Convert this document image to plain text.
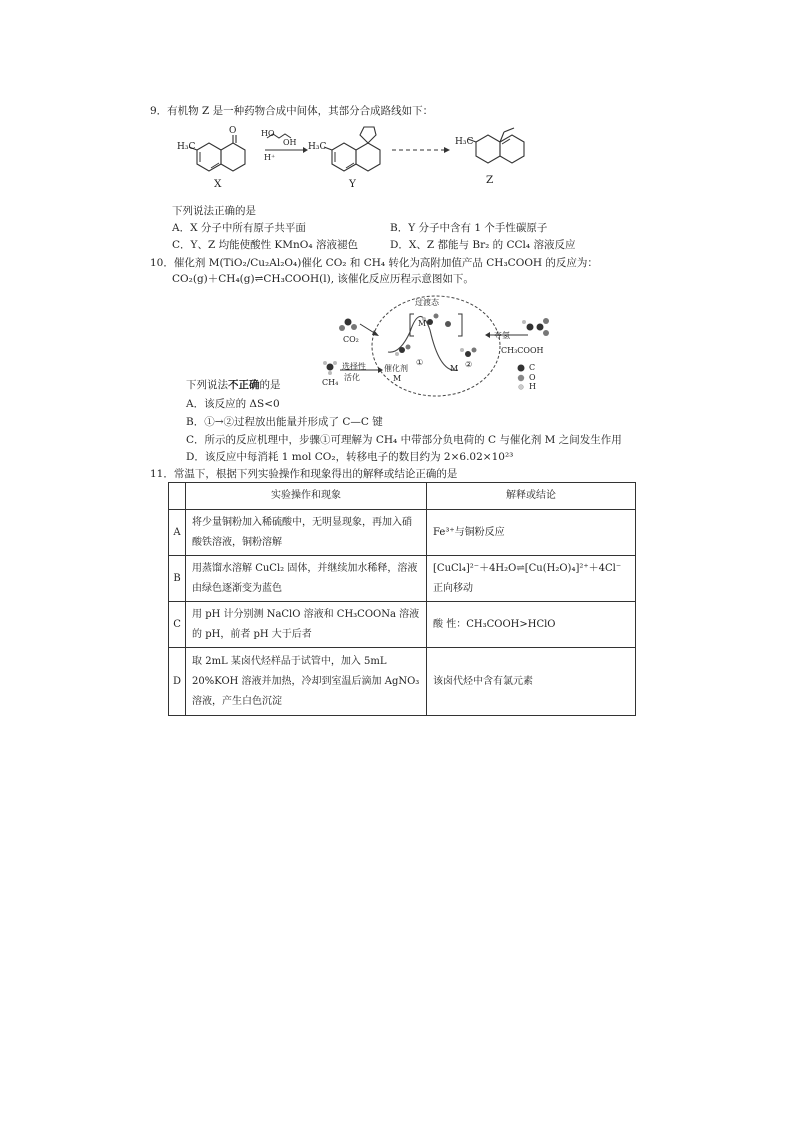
9．有机物 Z 是一种药物合成中间体，其部分合成路线如下：
H₃C
O
X
HO
OH
H⁺
H₃C
Y
H₃C
Z
下列说法正确的是
A．X 分子中所有原子共平面	B．Y 分子中含有 1 个手性碳原子
C．Y、Z 均能使酸性 KMnO₄ 溶液褪色	D．X、Z 都能与 Br₂ 的 CCl₄ 溶液反应
10．催化剂 M(TiO₂/Cu₂Al₂O₄)催化 CO₂ 和 CH₄ 转化为高附加值产品 CH₃COOH 的反应为：
CO₂(g)＋CH₄(g)⇌CH₃COOH(l), 该催化反应历程示意图如下。
过渡态
CO₂
选择性
活化
CH₄
催化剂
M
M
M
①	②
夺氢
CH₃COOH
C
O
H
下列说法不正确的是
A．该反应的 ΔS<0
B．①→②过程放出能量并形成了 C—C 键
C．所示的反应机理中，步骤①可理解为 CH₄ 中带部分负电荷的 C 与催化剂 M 之间发生作用
D．该反应中每消耗 1 mol CO₂，转移电子的数目约为 2×6.02×10²³
11．常温下，根据下列实验操作和现象得出的解释或结论正确的是
	实验操作和现象	解释或结论
A	将少量铜粉加入稀硫酸中，无明显现象，再加入硝酸铁溶液，铜粉溶解	Fe³⁺与铜粉反应
B	用蒸馏水溶解 CuCl₂ 固体，并继续加水稀释，溶液由绿色逐渐变为蓝色	[CuCl₄]²⁻＋4H₂O⇌[Cu(H₂O)₄]²⁺＋4Cl⁻ 正向移动
C	用 pH 计分别测 NaClO 溶液和 CH₃COONa 溶液的 pH，前者 pH 大于后者	酸 性：CH₃COOH>HClO
D	取 2mL 某卤代烃样品于试管中，加入 5mL 20%KOH 溶液并加热，冷却到室温后滴加 AgNO₃ 溶液，产生白色沉淀	该卤代烃中含有氯元素
